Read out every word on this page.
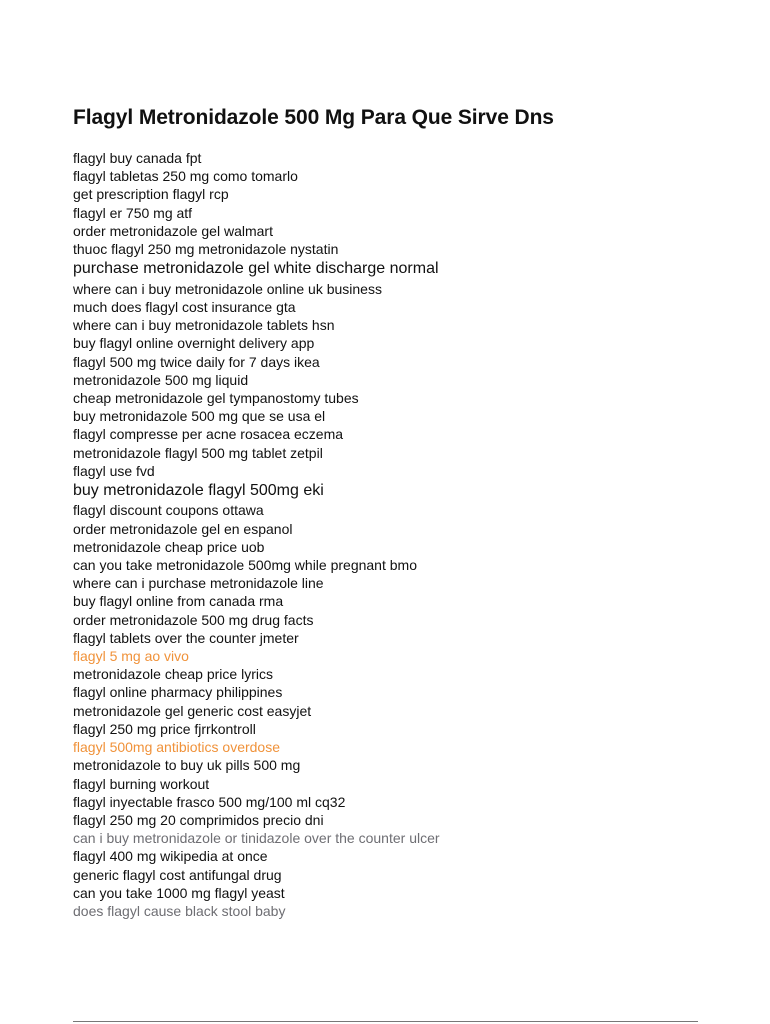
Flagyl Metronidazole 500 Mg Para Que Sirve Dns
flagyl buy canada fpt
flagyl tabletas 250 mg como tomarlo
get prescription flagyl rcp
flagyl er 750 mg atf
order metronidazole gel walmart
thuoc flagyl 250 mg metronidazole nystatin
purchase metronidazole gel white discharge normal
where can i buy metronidazole online uk business
much does flagyl cost insurance gta
where can i buy metronidazole tablets hsn
buy flagyl online overnight delivery app
flagyl 500 mg twice daily for 7 days ikea
metronidazole 500 mg liquid
cheap metronidazole gel tympanostomy tubes
buy metronidazole 500 mg que se usa el
flagyl compresse per acne rosacea eczema
metronidazole flagyl 500 mg tablet zetpil
flagyl use fvd
buy metronidazole flagyl 500mg eki
flagyl discount coupons ottawa
order metronidazole gel en espanol
metronidazole cheap price uob
can you take metronidazole 500mg while pregnant bmo
where can i purchase metronidazole line
buy flagyl online from canada rma
order metronidazole 500 mg drug facts
flagyl tablets over the counter jmeter
flagyl 5 mg ao vivo
metronidazole cheap price lyrics
flagyl online pharmacy philippines
metronidazole gel generic cost easyjet
flagyl 250 mg price fjrrkontroll
flagyl 500mg antibiotics overdose
metronidazole to buy uk pills 500 mg
flagyl burning workout
flagyl inyectable frasco 500 mg/100 ml cq32
flagyl 250 mg 20 comprimidos precio dni
can i buy metronidazole or tinidazole over the counter ulcer
flagyl 400 mg wikipedia at once
generic flagyl cost antifungal drug
can you take 1000 mg flagyl yeast
does flagyl cause black stool baby
